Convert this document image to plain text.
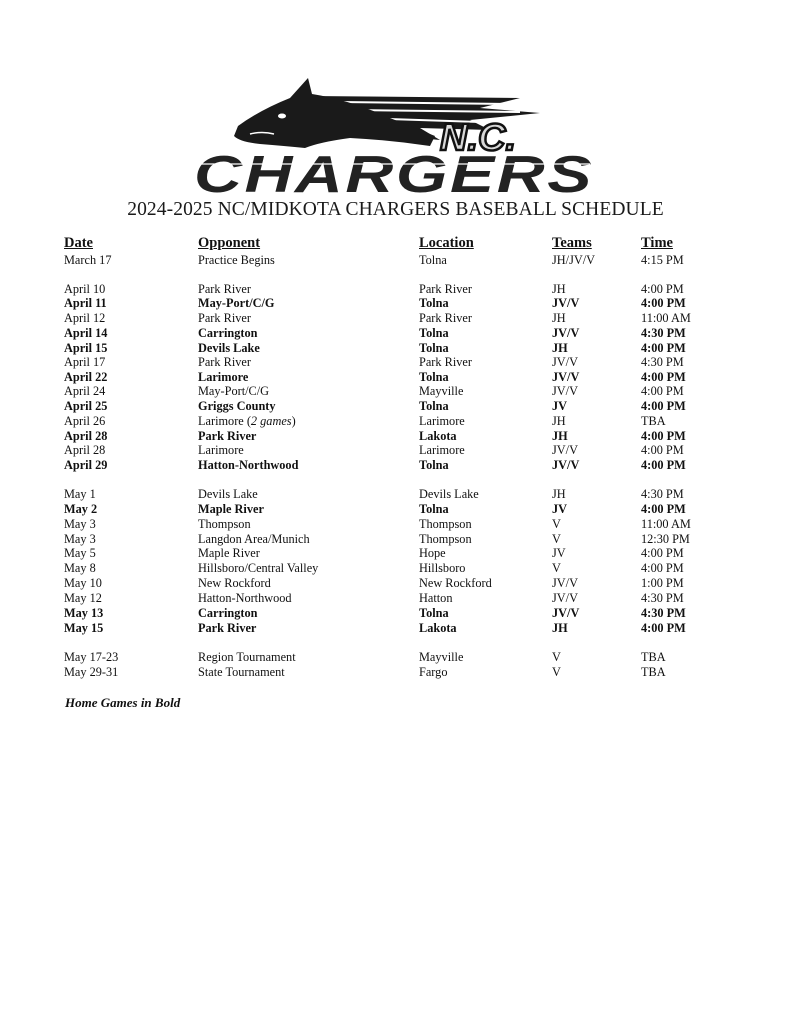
N.C.
CHARGERS
2024-2025 NC/MIDKOTA CHARGERS BASEBALL SCHEDULE
Date	Opponent	Location	Teams	Time
March 17	Practice Begins	Tolna	JH/JV/V	4:15 PM
April 10	Park River	Park River	JH	4:00 PM
April 11	May-Port/C/G	Tolna	JV/V	4:00 PM
April 12	Park River	Park River	JH	11:00 AM
April 14	Carrington	Tolna	JV/V	4:30 PM
April 15	Devils Lake	Tolna	JH	4:00 PM
April 17	Park River	Park River	JV/V	4:30 PM
April 22	Larimore	Tolna	JV/V	4:00 PM
April 24	May-Port/C/G	Mayville	JV/V	4:00 PM
April 25	Griggs County	Tolna	JV	4:00 PM
April 26	Larimore (2 games)	Larimore	JH	TBA
April 28	Park River	Lakota	JH	4:00 PM
April 28	Larimore	Larimore	JV/V	4:00 PM
April 29	Hatton-Northwood	Tolna	JV/V	4:00 PM
May 1	Devils Lake	Devils Lake	JH	4:30 PM
May 2	Maple River	Tolna	JV	4:00 PM
May 3	Thompson	Thompson	V	11:00 AM
May 3	Langdon Area/Munich	Thompson	V	12:30 PM
May 5	Maple River	Hope	JV	4:00 PM
May 8	Hillsboro/Central Valley	Hillsboro	V	4:00 PM
May 10	New Rockford	New Rockford	JV/V	1:00 PM
May 12	Hatton-Northwood	Hatton	JV/V	4:30 PM
May 13	Carrington	Tolna	JV/V	4:30 PM
May 15	Park River	Lakota	JH	4:00 PM
May 17-23	Region Tournament	Mayville	V	TBA
May 29-31	State Tournament	Fargo	V	TBA
Home Games in Bold
